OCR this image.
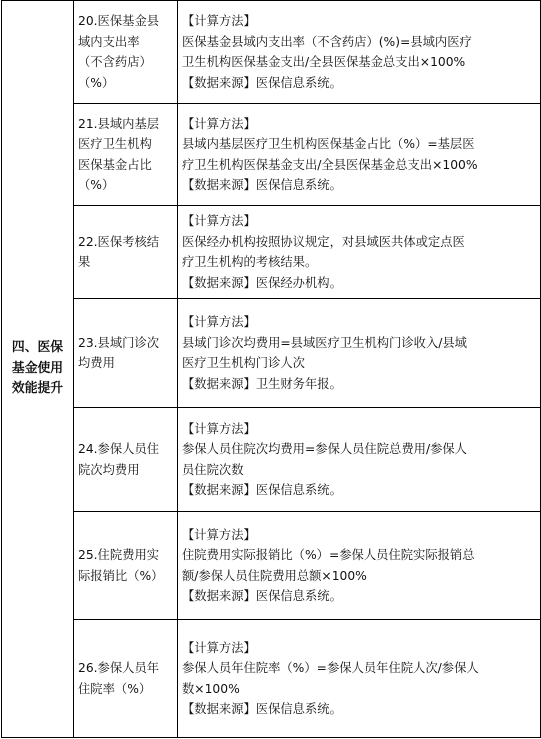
四、医保
基金使用
效能提升	20.医保基金县
域内支出率
（不含药店）
（%）	【计算方法】
医保基金县域内支出率（不含药店）(%)=县域内医疗
卫生机构医保基金支出/全县医保基金总支出×100%
【数据来源】医保信息系统。

	21.县域内基层
医疗卫生机构
医保基金占比
（%）	【计算方法】
县域内基层医疗卫生机构医保基金占比（%）=基层医
疗卫生机构医保基金支出/全县医保基金总支出×100%
【数据来源】医保信息系统。

	22.医保考核结
果	【计算方法】
医保经办机构按照协议规定，对县域医共体或定点医
疗卫生机构的考核结果。
【数据来源】医保经办机构。

	23.县域门诊次
均费用	【计算方法】
县域门诊次均费用=县域医疗卫生机构门诊收入/县域
医疗卫生机构门诊人次
【数据来源】卫生财务年报。

	24.参保人员住
院次均费用	【计算方法】
参保人员住院次均费用=参保人员住院总费用/参保人
员住院次数
【数据来源】医保信息系统。

	25.住院费用实
际报销比（%）	【计算方法】
住院费用实际报销比（%）=参保人员住院实际报销总
额/参保人员住院费用总额×100%
【数据来源】医保信息系统。

	26.参保人员年
住院率（%）	【计算方法】
参保人员年住院率（%）=参保人员年住院人次/参保人
数×100%
【数据来源】医保信息系统。
